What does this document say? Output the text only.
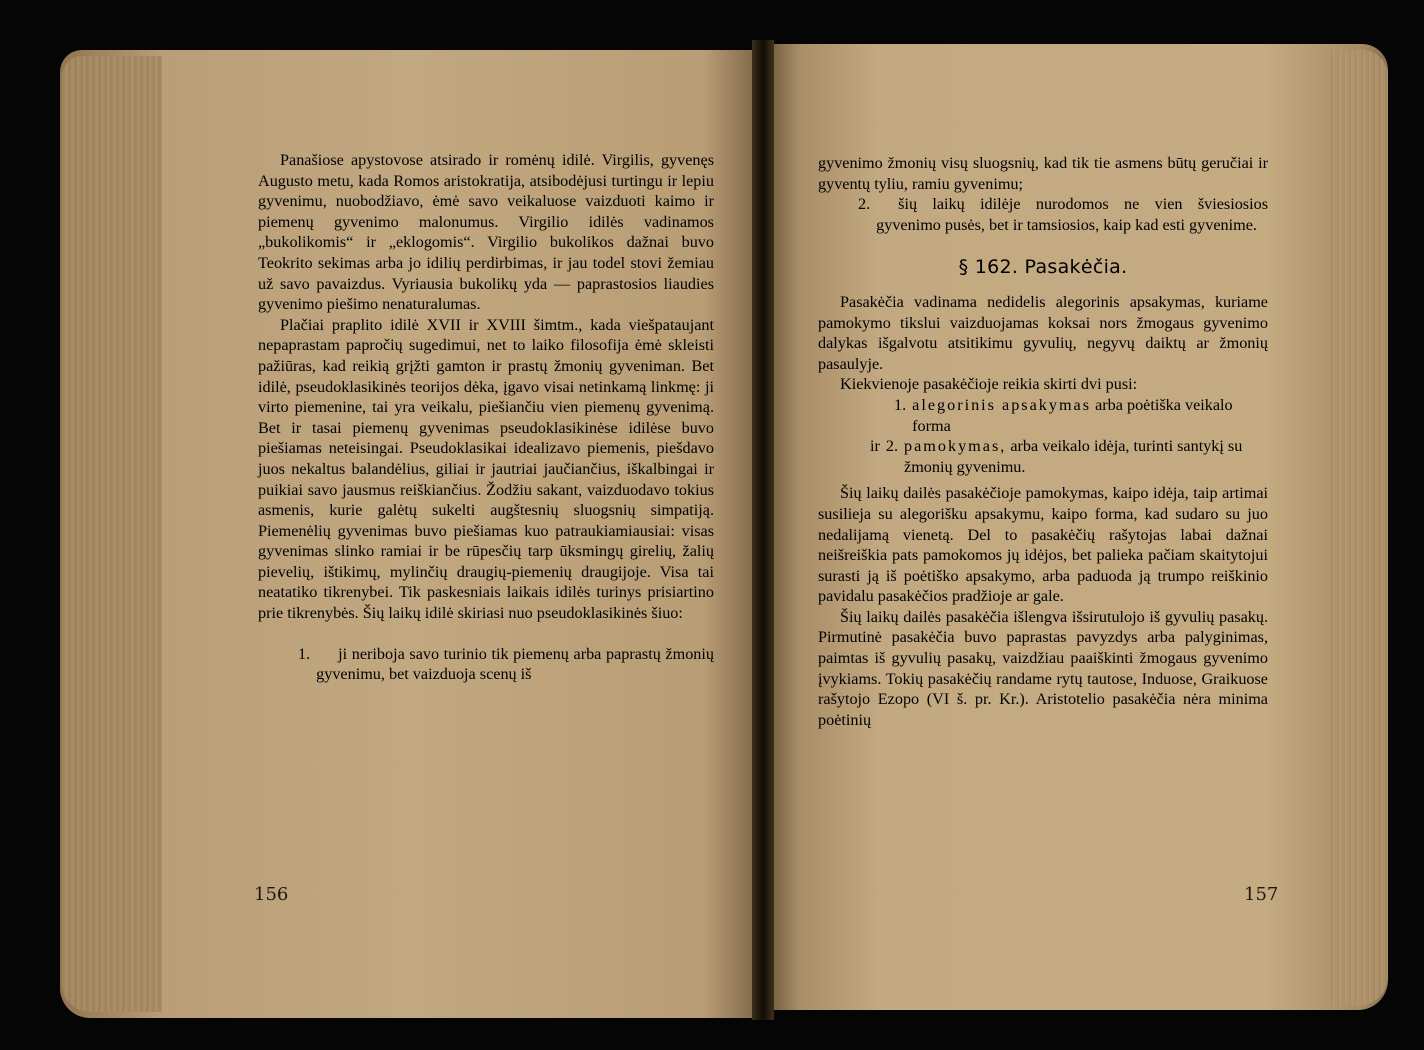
Panašiose apystovose atsirado ir romėnų idilė. Virgilis, gyvenęs Augusto metu, kada Romos aristokratija, atsibodėjusi turtingu ir lepiu gyvenimu, nuobodžiavo, ėmė savo veikaluose vaizduoti kaimo ir piemenų gyvenimo malonumus. Virgilio idilės vadinamos „bukolikomis“ ir „eklogomis“. Virgilio bukolikos dažnai buvo Teokrito sekimas arba jo idilių perdirbimas, ir jau todel stovi žemiau už savo pavaizdus. Vyriausia bukolikų yda — paprastosios liaudies gyvenimo piešimo nenaturalumas.

Plačiai praplito idilė XVII ir XVIII šimtm., kada viešpataujant nepaprastam papročių sugedimui, net to laiko filosofija ėmė skleisti pažiūras, kad reikią grįžti gamton ir prastų žmonių gyveniman. Bet idilė, pseudoklasikinės teorijos dėka, įgavo visai netinkamą linkmę: ji virto piemenine, tai yra veikalu, piešiančiu vien piemenų gyvenimą. Bet ir tasai piemenų gyvenimas pseudoklasikinėse idilėse buvo piešiamas neteisingai. Pseudoklasikai idealizavo piemenis, piešdavo juos nekaltus balandėlius, giliai ir jautriai jaučiančius, iškalbingai ir puikiai savo jausmus reiškiančius. Žodžiu sakant, vaizduodavo tokius asmenis, kurie galėtų sukelti augštesnių sluogsnių simpatiją. Piemenėlių gyvenimas buvo piešiamas kuo patraukiamiausiai: visas gyvenimas slinko ramiai ir be rūpesčių tarp ūksmingų girelių, žalių pievelių, ištikimų, mylinčių draugių-piemenių draugijoje. Visa tai neatatiko tikrenybei. Tik paskesniais laikais idilės turinys prisiartino prie tikrenybės. Šių laikų idilė skiriasi nuo pseudoklasikinės šiuo:

1.	ji neriboja savo turinio tik piemenų arba paprastų žmonių gyvenimu, bet vaizduoja scenų iš

156

gyvenimo žmonių visų sluogsnių, kad tik tie asmens būtų geručiai ir gyventų tyliu, ramiu gyvenimu;

2.	šių laikų idilėje nurodomos ne vien šviesiosios gyvenimo pusės, bet ir tamsiosios, kaip kad esti gyvenime.

§ 162. Pasakėčia.

Pasakėčia vadinama nedidelis alegorinis apsakymas, kuriame pamokymo tikslui vaizduojamas koksai nors žmogaus gyvenimo dalykas išgalvotu atsitikimu gyvulių, negyvų daiktų ar žmonių pasaulyje.

Kiekvienoje pasakėčioje reikia skirti dvi pusi:

1. alegorinis apsakymas arba poėtiška veikalo forma
ir 2. pamokymas, arba veikalo idėja, turinti santykį su žmonių gyvenimu.

Šių laikų dailės pasakėčioje pamokymas, kaipo idėja, taip artimai susilieja su alegorišku apsakymu, kaipo forma, kad sudaro su juo nedalijamą vienetą. Del to pasakėčių rašytojas labai dažnai neišreiškia pats pamokomos jų idėjos, bet palieka pačiam skaitytojui surasti ją iš poėtiško apsakymo, arba paduoda ją trumpo reiškinio pavidalu pasakėčios pradžioje ar gale.

Šių laikų dailės pasakėčia išlengva išsirutulojo iš gyvulių pasakų. Pirmutinė pasakėčia buvo paprastas pavyzdys arba palyginimas, paimtas iš gyvulių pasakų, vaizdžiau paaiškinti žmogaus gyvenimo įvykiams. Tokių pasakėčių randame rytų tautose, Induose, Graikuose rašytojo Ezopo (VI š. pr. Kr.). Aristotelio pasakėčia nėra minima poėtinių

157
